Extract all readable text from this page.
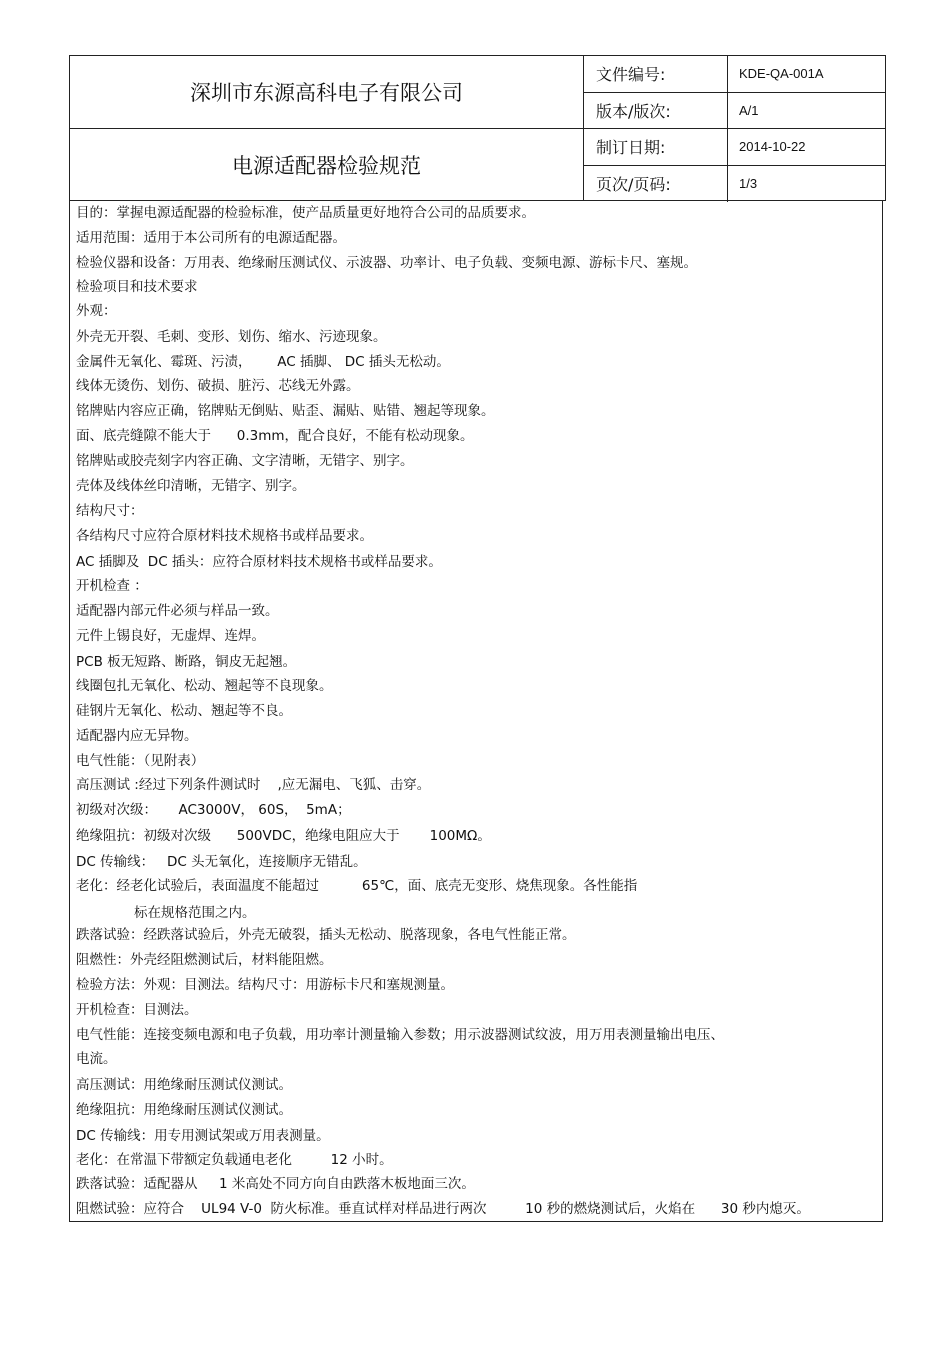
深圳市东源高科电子有限公司
电源适配器检验规范
文件编号:	KDE-QA-001A
版本/版次:	A/1
制订日期:	2014-10-22
页次/页码:	1/3
目的：掌握电源适配器的检验标准，使产品质量更好地符合公司的品质要求。
适用范围：适用于本公司所有的电源适配器。
检验仪器和设备：万用表、绝缘耐压测试仪、示波器、功率计、电子负载、变频电源、游标卡尺、塞规。
检验项目和技术要求
外观：
外壳无开裂、毛刺、变形、划伤、缩水、污迹现象。
金属件无氧化、霉斑、污渍，      AC 插脚、 DC 插头无松动。
线体无烫伤、划伤、破损、脏污、芯线无外露。
铭牌贴内容应正确，铭牌贴无倒贴、贴歪、漏贴、贴错、翘起等现象。
面、底壳缝隙不能大于      0.3mm，配合良好，不能有松动现象。
铭牌贴或胶壳刻字内容正确、文字清晰，无错字、别字。
壳体及线体丝印清晰，无错字、别字。
结构尺寸：
各结构尺寸应符合原材料技术规格书或样品要求。
AC 插脚及  DC 插头：应符合原材料技术规格书或样品要求。
开机检查 ：
适配器内部元件必须与样品一致。
元件上锡良好，无虚焊、连焊。
PCB 板无短路、断路，铜皮无起翘。
线圈包扎无氧化、松动、翘起等不良现象。
硅钢片无氧化、松动、翘起等不良。
适配器内应无异物。
电气性能：（见附表）
高压测试 :经过下列条件测试时    ,应无漏电、飞狐、击穿。
初级对次级：     AC3000V， 60S，  5mA；
绝缘阻抗：初级对次级      500VDC，绝缘电阻应大于       100MΩ。
DC 传输线：   DC 头无氧化，连接顺序无错乱。
老化：经老化试验后，表面温度不能超过          65℃，面、底壳无变形、烧焦现象。各性能指
标在规格范围之内。
跌落试验：经跌落试验后，外壳无破裂，插头无松动、脱落现象，各电气性能正常。
阻燃性：外壳经阻燃测试后，材料能阻燃。
检验方法：外观：目测法。结构尺寸：用游标卡尺和塞规测量。
开机检查：目测法。
电气性能：连接变频电源和电子负载，用功率计测量输入参数；用示波器测试纹波，用万用表测量输出电压、
电流。
高压测试：用绝缘耐压测试仪测试。
绝缘阻抗：用绝缘耐压测试仪测试。
DC 传输线：用专用测试架或万用表测量。
老化：在常温下带额定负载通电老化         12 小时。
跌落试验：适配器从     1 米高处不同方向自由跌落木板地面三次。
阻燃试验：应符合    UL94 V-0  防火标准。垂直试样对样品进行两次         10 秒的燃烧测试后，火焰在      30 秒内熄灭。
